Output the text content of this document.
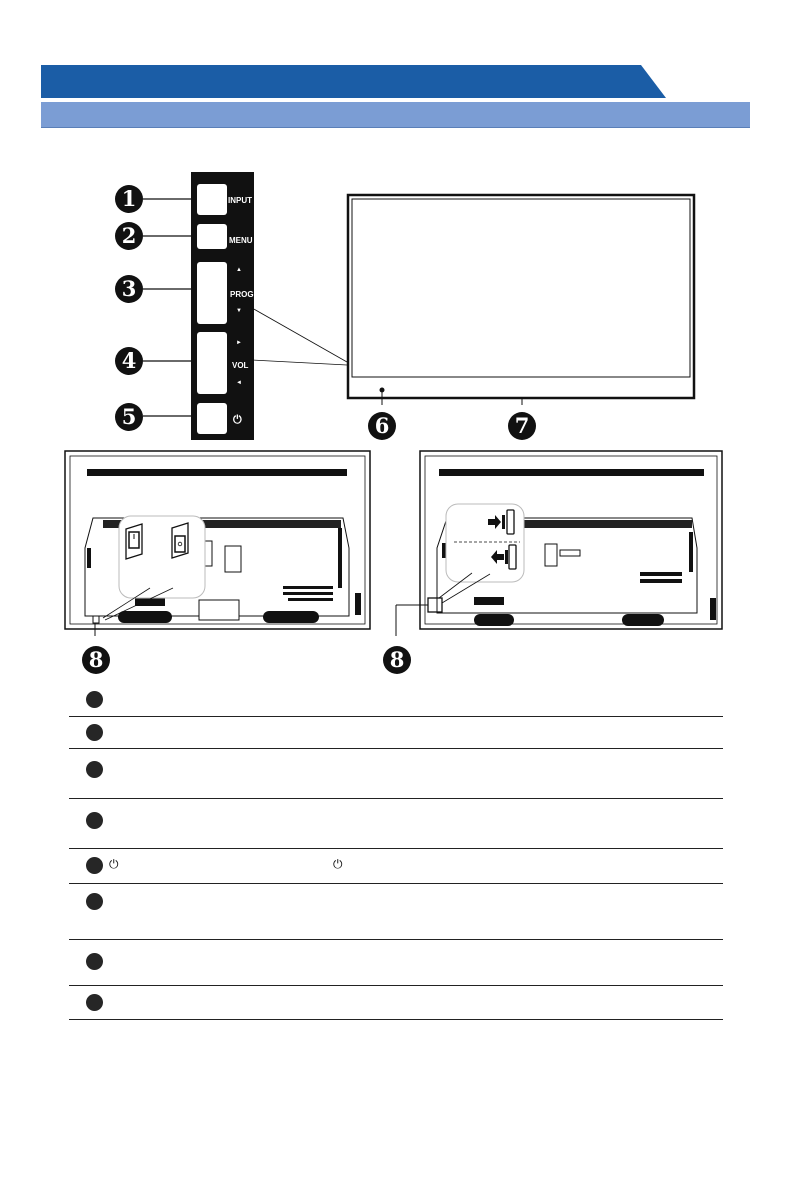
1
2
3
4
5
INPUT
MENU
▲
PROG
▼
►
VOL
◄
⏻	6	7
8	8
⏻	⏻
